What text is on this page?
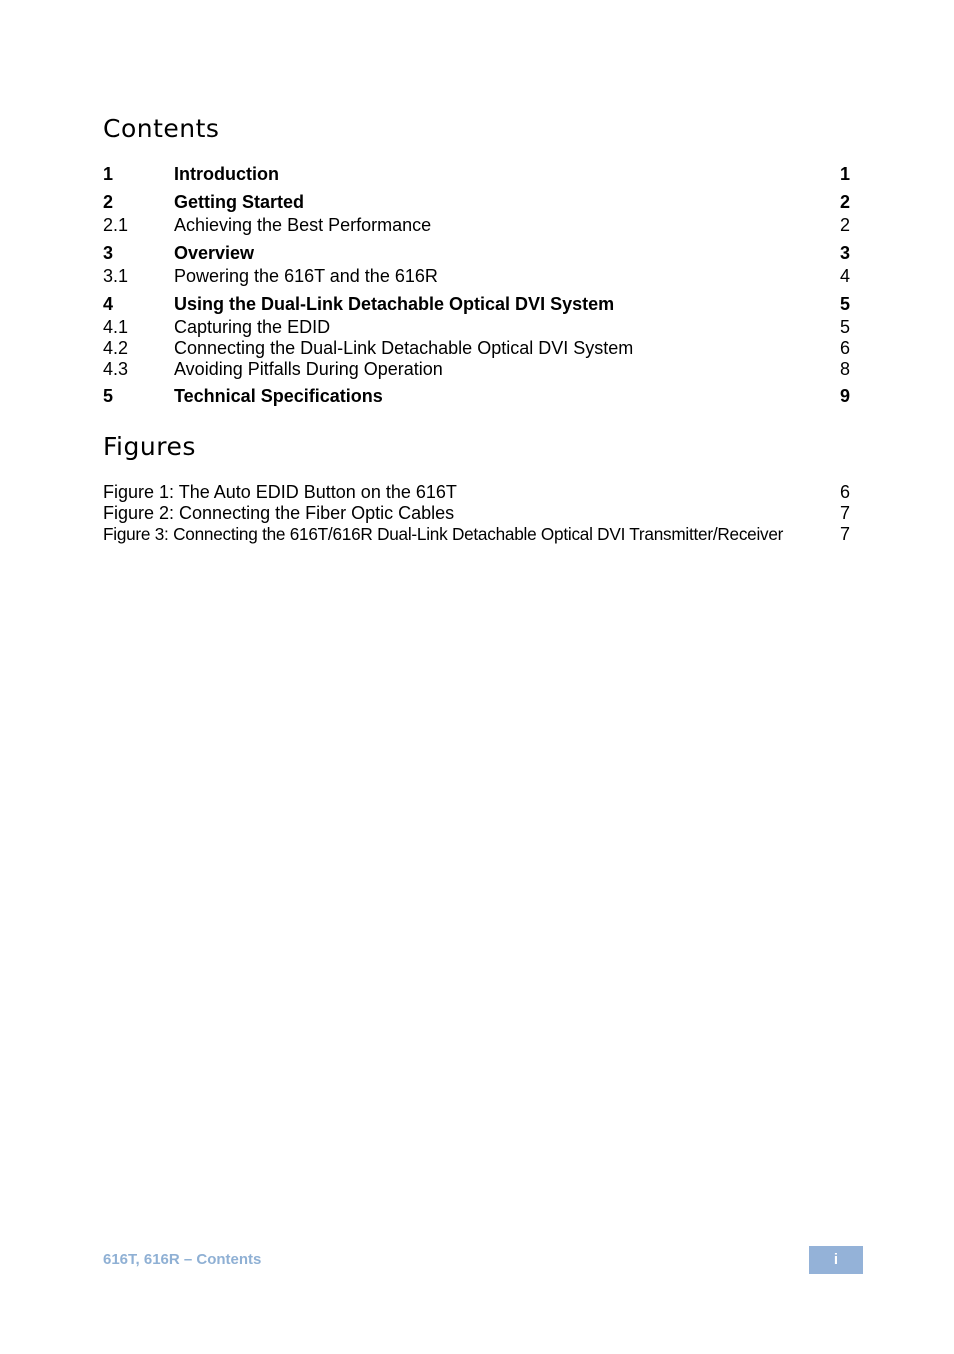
Contents
1	Introduction	1
2	Getting Started	2
2.1	Achieving the Best Performance	2
3	Overview	3
3.1	Powering the 616T and the 616R	4
4	Using the Dual-Link Detachable Optical DVI System	5
4.1	Capturing the EDID	5
4.2	Connecting the Dual-Link Detachable Optical DVI System	6
4.3	Avoiding Pitfalls During Operation	8
5	Technical Specifications	9
Figures
Figure 1: The Auto EDID Button on the 616T	6
Figure 2: Connecting the Fiber Optic Cables	7
Figure 3: Connecting the 616T/616R Dual-Link Detachable Optical DVI Transmitter/Receiver	7
616T, 616R – Contents	i
